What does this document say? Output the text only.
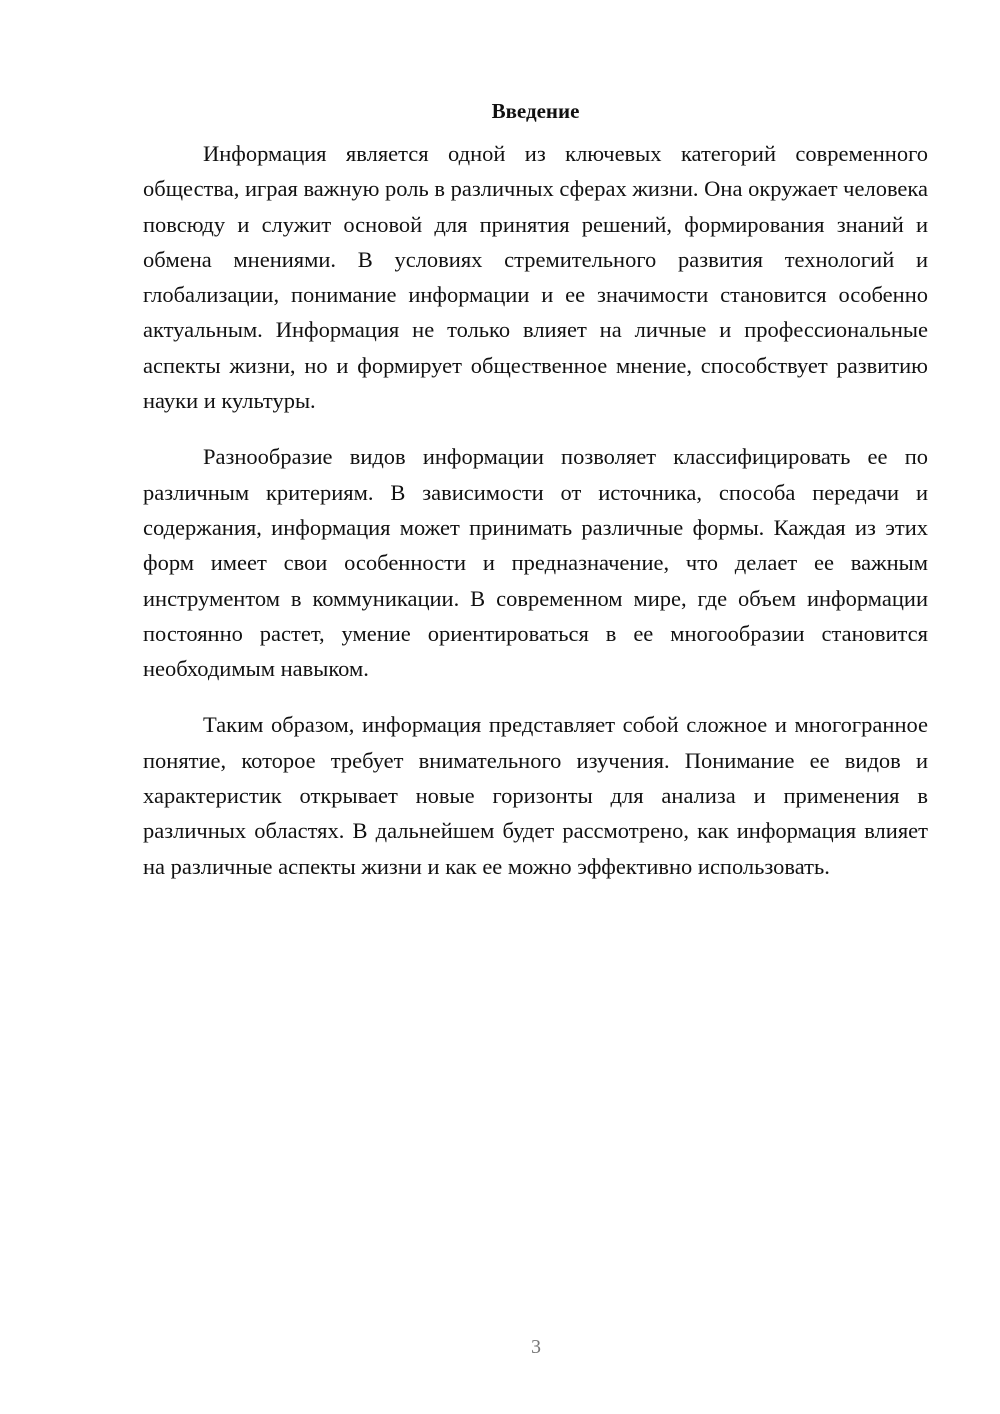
Введение

Информация является одной из ключевых категорий современного общества, играя важную роль в различных сферах жизни. Она окружает человека повсюду и служит основой для принятия решений, формирования знаний и обмена мнениями. В условиях стремительного развития технологий и глобализации, понимание информации и ее значимости становится особенно актуальным. Информация не только влияет на личные и профессиональные аспекты жизни, но и формирует общественное мнение, способствует развитию науки и культуры.

Разнообразие видов информации позволяет классифицировать ее по различным критериям. В зависимости от источника, способа передачи и содержания, информация может принимать различные формы. Каждая из этих форм имеет свои особенности и предназначение, что делает ее важным инструментом в коммуникации. В современном мире, где объем информации постоянно растет, умение ориентироваться в ее многообразии становится необходимым навыком.

Таким образом, информация представляет собой сложное и многогранное понятие, которое требует внимательного изучения. Понимание ее видов и характеристик открывает новые горизонты для анализа и применения в различных областях. В дальнейшем будет рассмотрено, как информация влияет на различные аспекты жизни и как ее можно эффективно использовать.

3
